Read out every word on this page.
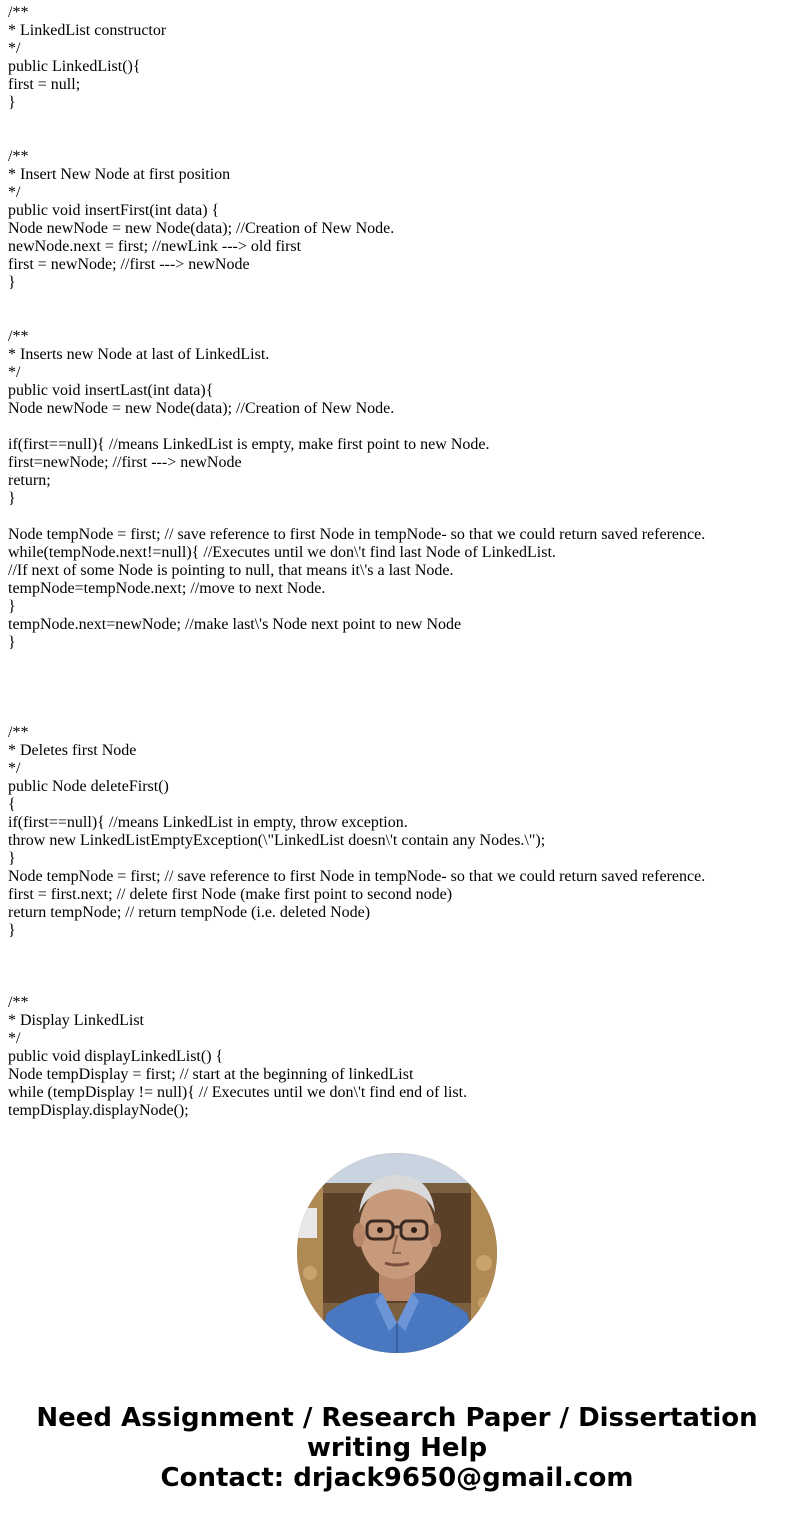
/**
* LinkedList constructor
*/
public LinkedList(){
first = null;
}
/**
* Insert New Node at first position
*/
public void insertFirst(int data) {
Node newNode = new Node(data); //Creation of New Node.
newNode.next = first; //newLink ---> old first
first = newNode; //first ---> newNode
}
/**
* Inserts new Node at last of LinkedList.
*/
public void insertLast(int data){
Node newNode = new Node(data); //Creation of New Node.
if(first==null){ //means LinkedList is empty, make first point to new Node.
first=newNode; //first ---> newNode
return;
}
Node tempNode = first; // save reference to first Node in tempNode- so that we could return saved reference.
while(tempNode.next!=null){ //Executes until we don\'t find last Node of LinkedList.
//If next of some Node is pointing to null, that means it\'s a last Node.
tempNode=tempNode.next; //move to next Node.
}
tempNode.next=newNode; //make last\'s Node next point to new Node
}
/**
* Deletes first Node
*/
public Node deleteFirst()
{
if(first==null){ //means LinkedList in empty, throw exception.
throw new LinkedListEmptyException(\"LinkedList doesn\'t contain any Nodes.\");
}
Node tempNode = first; // save reference to first Node in tempNode- so that we could return saved reference.
first = first.next; // delete first Node (make first point to second node)
return tempNode; // return tempNode (i.e. deleted Node)
}
/**
* Display LinkedList
*/
public void displayLinkedList() {
Node tempDisplay = first; // start at the beginning of linkedList
while (tempDisplay != null){ // Executes until we don\'t find end of list.
tempDisplay.displayNode();
Need Assignment / Research Paper / Dissertation
writing Help
Contact: drjack9650@gmail.com
